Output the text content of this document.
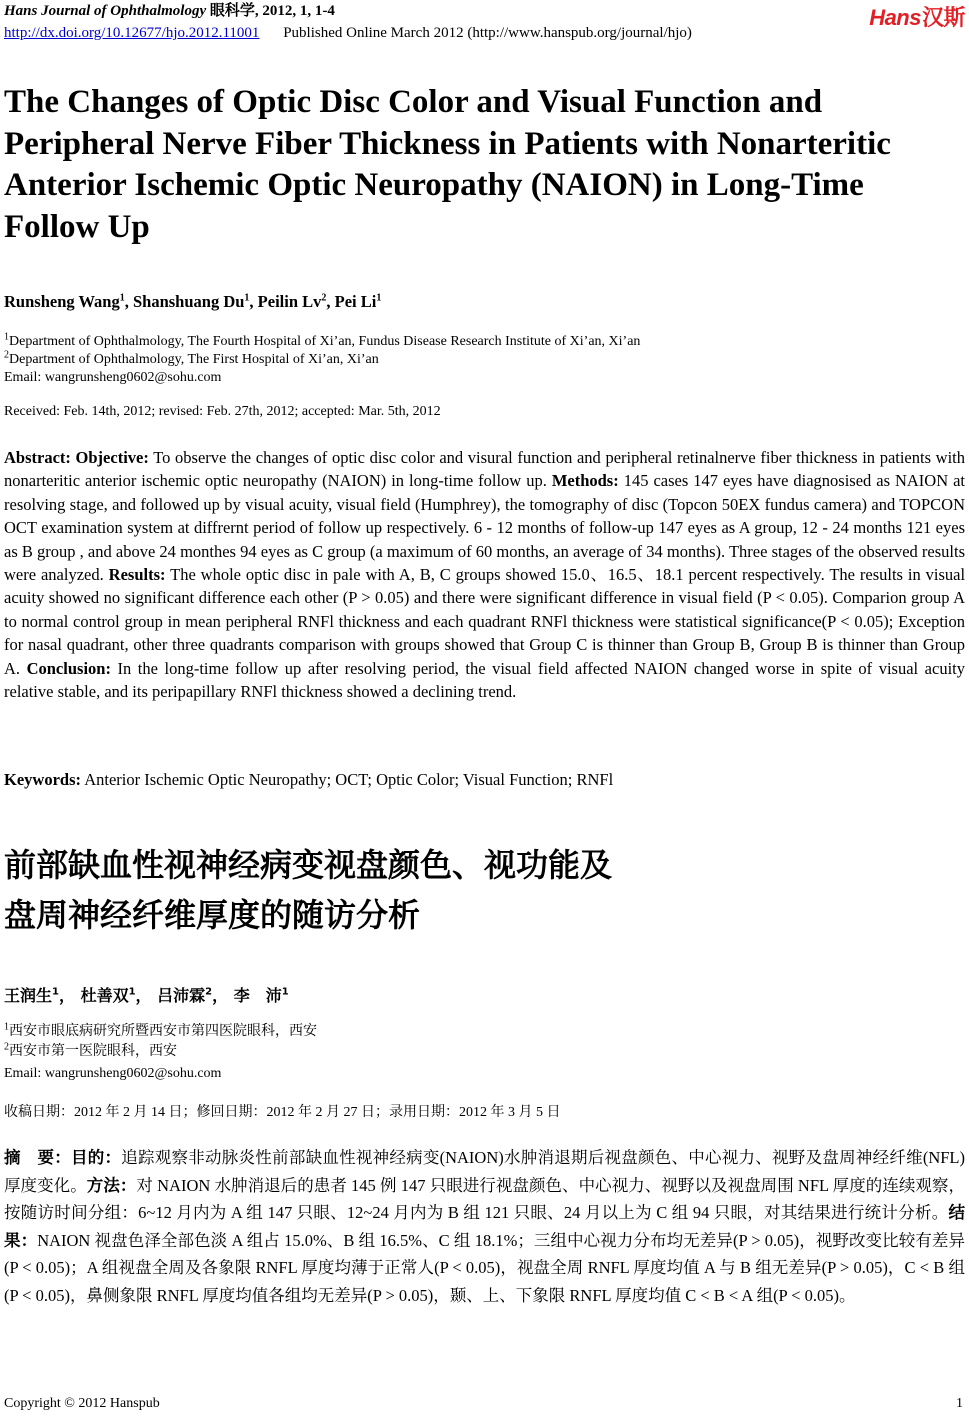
Hans Journal of Ophthalmology 眼科学, 2012, 1, 1-4
http://dx.doi.org/10.12677/hjo.2012.11001 Published Online March 2012 (http://www.hanspub.org/journal/hjo)
Hans汉斯
The Changes of Optic Disc Color and Visual Function and Peripheral Nerve Fiber Thickness in Patients with Nonarteritic Anterior Ischemic Optic Neuropathy (NAION) in Long-Time Follow Up
Runsheng Wang$^1$, Shanshuang Du$^1$, Peilin Lv$^2$, Pei Li$^1$
$^1$Department of Ophthalmology, The Fourth Hospital of Xi’an, Fundus Disease Research Institute of Xi’an, Xi’an
$^2$Department of Ophthalmology, The First Hospital of Xi’an, Xi’an
Email: wangrunsheng0602@sohu.com
Received: Feb. 14th, 2012; revised: Feb. 27th, 2012; accepted: Mar. 5th, 2012
Abstract: Objective: To observe the changes of optic disc color and visural function and peripheral retinalnerve fiber thickness in patients with nonarteritic anterior ischemic optic neuropathy (NAION) in long-time follow up. Methods: 145 cases 147 eyes have diagnosised as NAION at resolving stage, and followed up by visual acuity, visual field (Humphrey), the tomography of disc (Topcon 50EX fundus camera) and TOPCON OCT examination system at diffrernt period of follow up respectively. 6 - 12 months of follow-up 147 eyes as A group, 12 - 24 months 121 eyes as B group , and above 24 monthes 94 eyes as C group (a maximum of 60 months, an average of 34 months). Three stages of the observed results were analyzed. Results: The whole optic disc in pale with A, B, C groups showed 15.0、16.5、18.1 percent respectively. The results in visual acuity showed no significant difference each other (P > 0.05) and there were significant difference in visual field (P < 0.05). Comparion group A to normal control group in mean peripheral RNFl thickness and each quadrant RNFl thickness were statistical significance(P < 0.05); Exception for nasal quadrant, other three quadrants comparison with groups showed that Group C is thinner than Group B, Group B is thinner than Group A. Conclusion: In the long-time follow up after resolving period, the visual field affected NAION changed worse in spite of visual acuity relative stable, and its peripapillary RNFl thickness showed a declining trend.
Keywords: Anterior Ischemic Optic Neuropathy; OCT; Optic Color; Visual Function; RNFl
前部缺血性视神经病变视盘颜色、视功能及
盘周神经纤维厚度的随访分析
王润生$^1$， 杜善双$^1$， 吕沛霖$^2$， 李　沛$^1$
$^1$西安市眼底病研究所暨西安市第四医院眼科，西安
$^2$西安市第一医院眼科，西安
Email: wangrunsheng0602@sohu.com
收稿日期：2012 年 2 月 14 日；修回日期：2012 年 2 月 27 日；录用日期：2012 年 3 月 5 日
摘　要：目的：追踪观察非动脉炎性前部缺血性视神经病变(NAION)水肿消退期后视盘颜色、中心视力、视野及盘周神经纤维(NFL)厚度变化。方法：对 NAION 水肿消退后的患者 145 例 147 只眼进行视盘颜色、中心视力、视野以及视盘周围 NFL 厚度的连续观察，按随访时间分组：6~12 月内为 A 组 147 只眼、12~24 月内为 B 组 121 只眼、24 月以上为 C 组 94 只眼，对其结果进行统计分析。结果：NAION 视盘色泽全部色淡 A 组占 15.0%、B 组 16.5%、C 组 18.1%；三组中心视力分布均无差异(P > 0.05)，视野改变比较有差异(P < 0.05)；A 组视盘全周及各象限 RNFL 厚度均薄于正常人(P < 0.05)，视盘全周 RNFL 厚度均值 A 与 B 组无差异(P > 0.05)，C < B 组(P < 0.05)，鼻侧象限 RNFL 厚度均值各组均无差异(P > 0.05)，颞、上、下象限 RNFL 厚度均值 C < B < A 组(P < 0.05)。
Copyright © 2012 Hanspub	1
